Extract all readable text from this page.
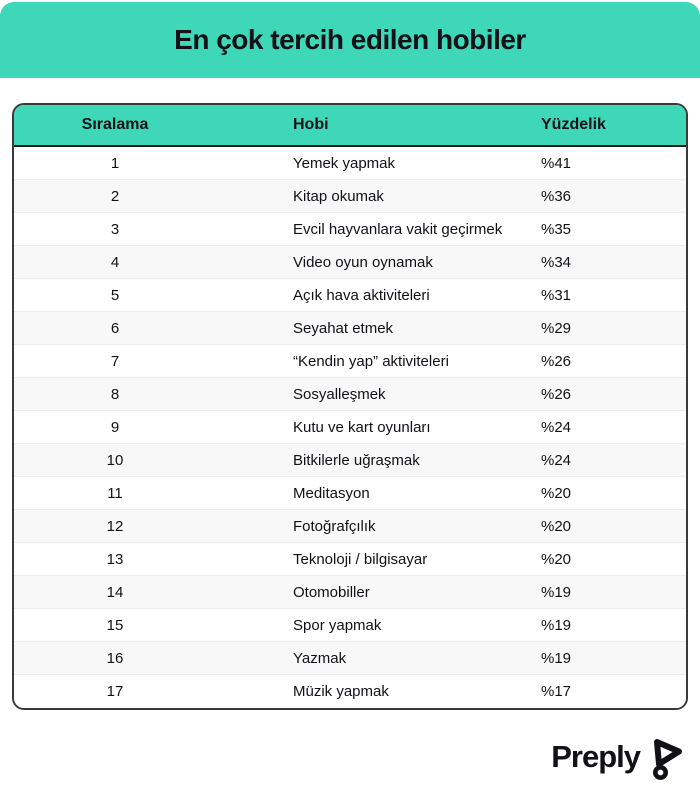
En çok tercih edilen hobiler
Sıralama	Hobi	Yüzdelik
1	Yemek yapmak	%41
2	Kitap okumak	%36
3	Evcil hayvanlara vakit geçirmek	%35
4	Video oyun oynamak	%34
5	Açık hava aktiviteleri	%31
6	Seyahat etmek	%29
7	“Kendin yap” aktiviteleri	%26
8	Sosyalleşmek	%26
9	Kutu ve kart oyunları	%24
10	Bitkilerle uğraşmak	%24
11	Meditasyon	%20
12	Fotoğrafçılık	%20
13	Teknoloji / bilgisayar	%20
14	Otomobiller	%19
15	Spor yapmak	%19
16	Yazmak	%19
17	Müzik yapmak	%17
Preply
